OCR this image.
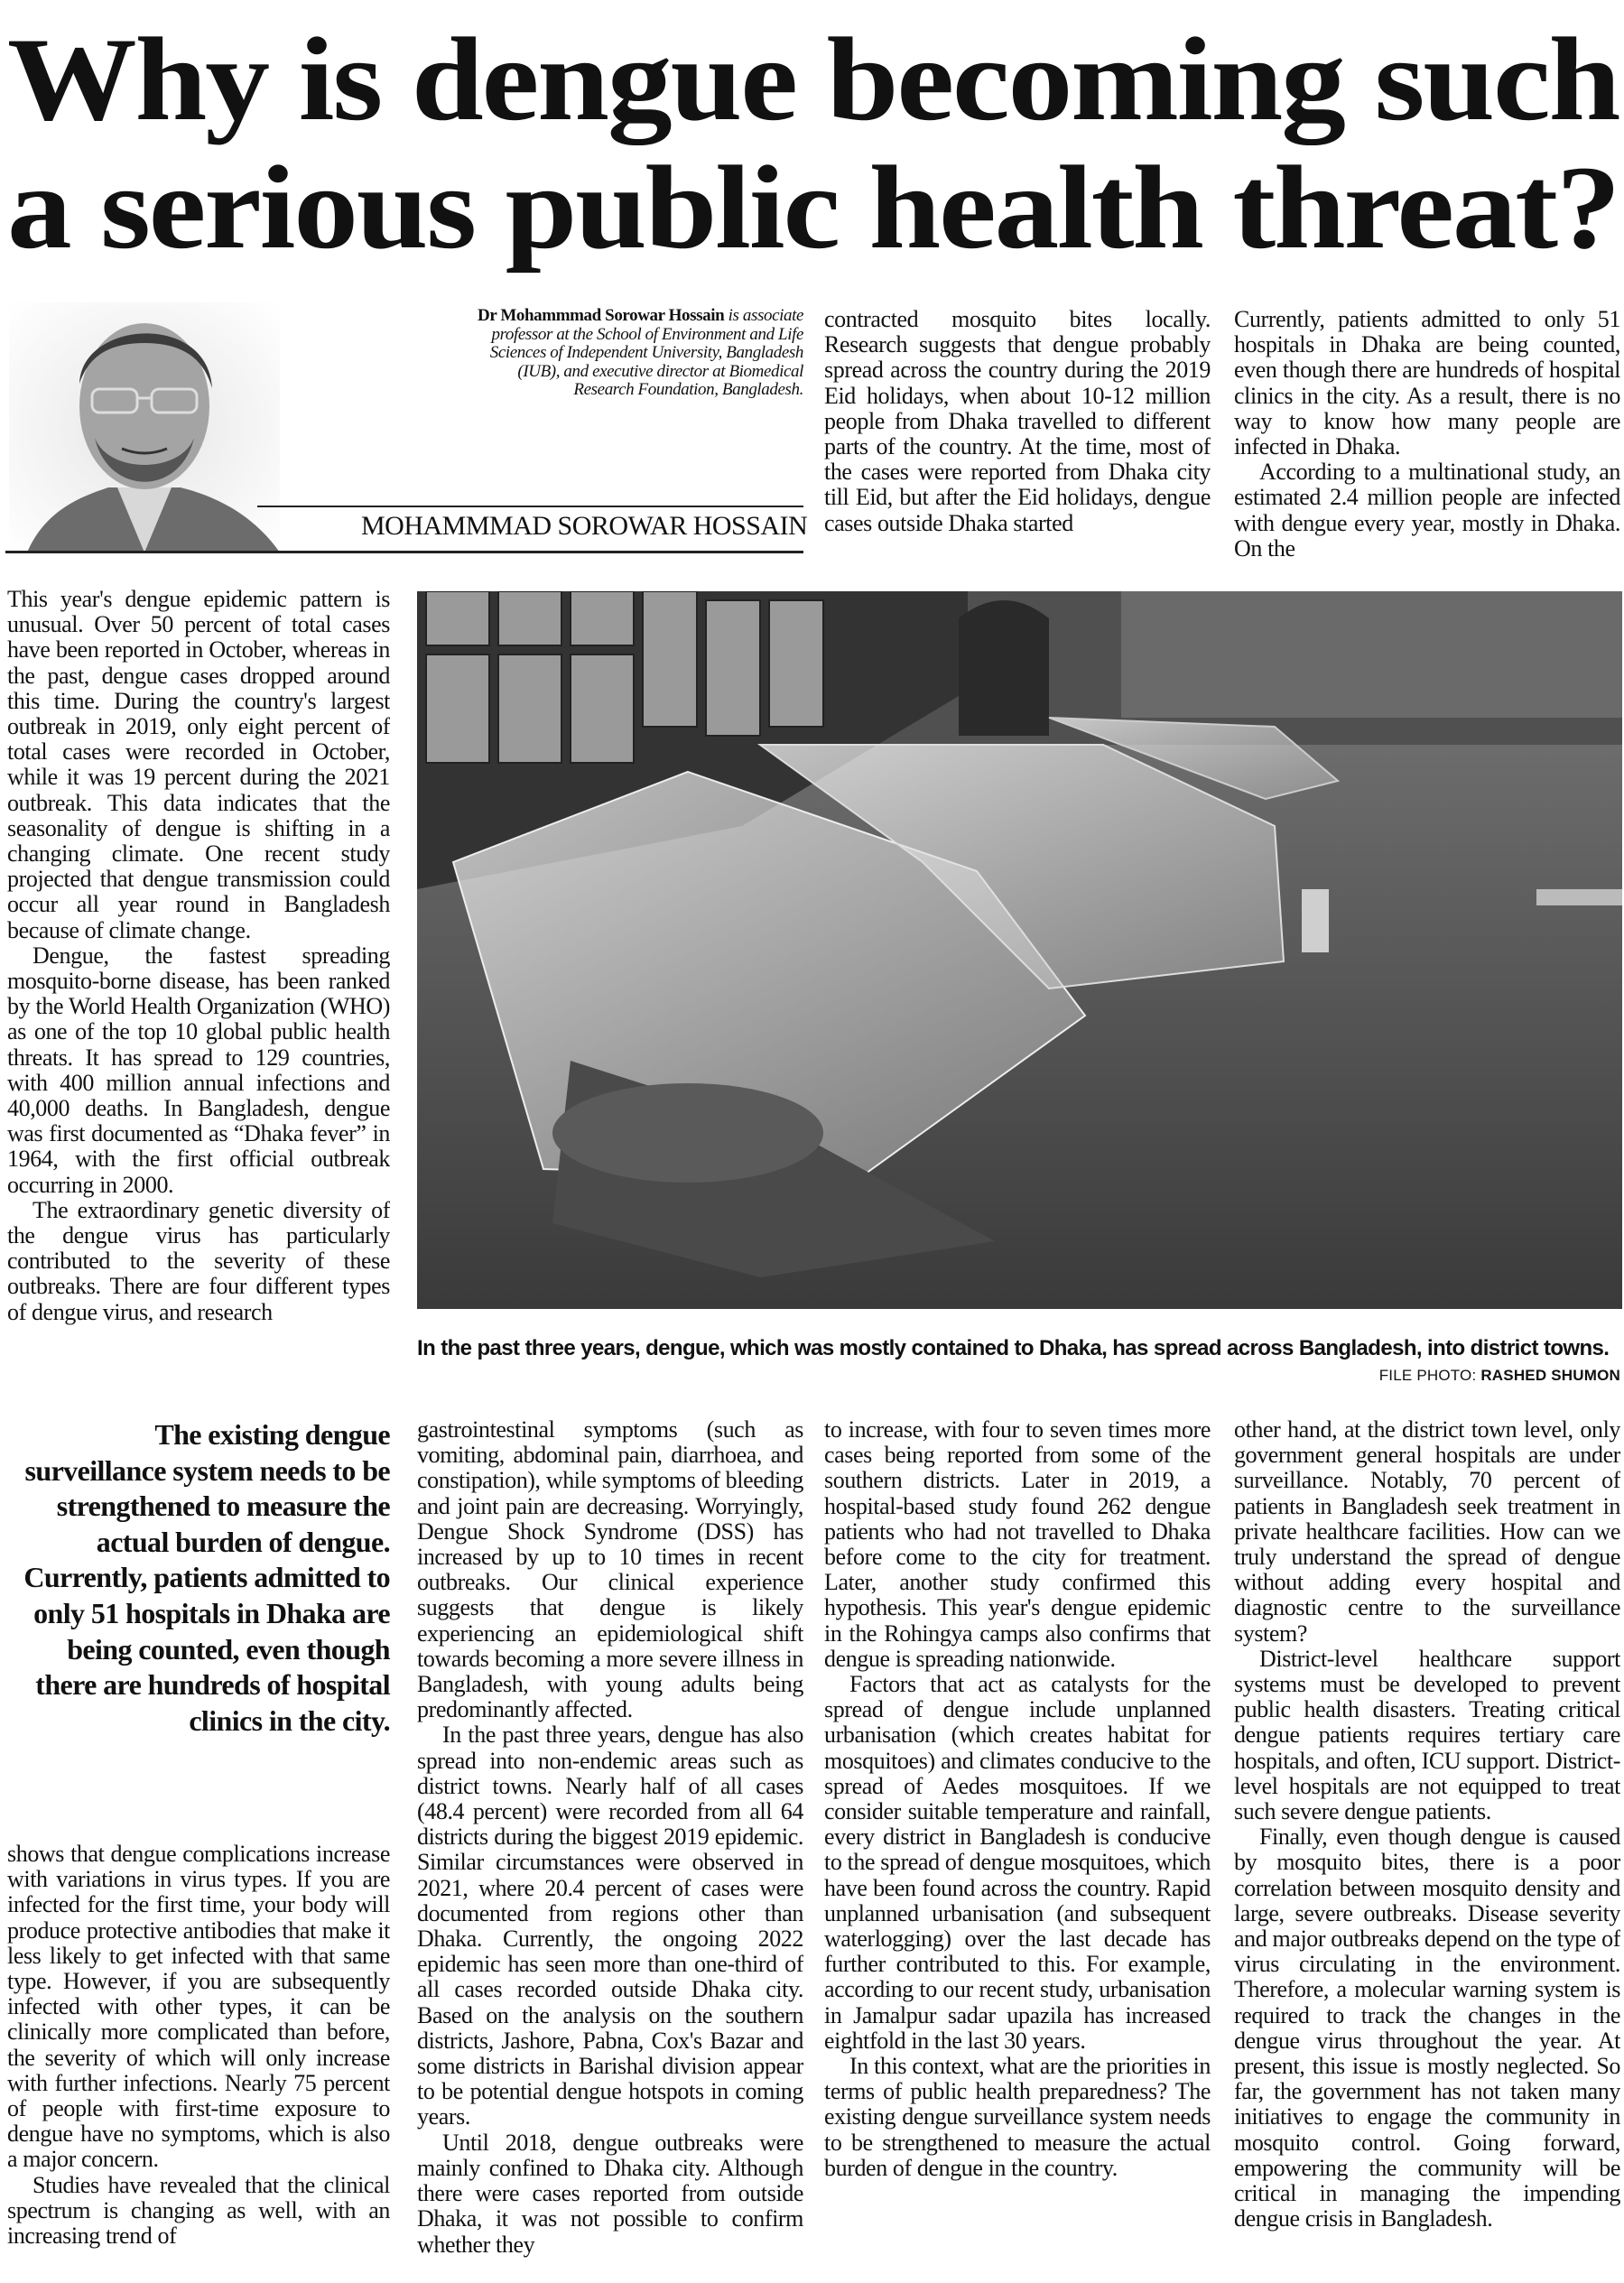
Why is dengue becoming such
a serious public health threat?
Dr Mohammmad Sorowar Hossain is associate professor at the School of Environment and Life Sciences of Independent University, Bangladesh (IUB), and executive director at Biomedical Research Foundation, Bangladesh.
MOHAMMMAD SOROWAR HOSSAIN

contracted mosquito bites locally. Research suggests that dengue probably spread across the country during the 2019 Eid holidays, when about 10-12 million people from Dhaka travelled to different parts of the country. At the time, most of the cases were reported from Dhaka city till Eid, but after the Eid holidays, dengue cases outside Dhaka started

Currently, patients admitted to only 51 hospitals in Dhaka are being counted, even though there are hundreds of hospital clinics in the city. As a result, there is no way to know how many people are infected in Dhaka.

According to a multinational study, an estimated 2.4 million people are infected with dengue every year, mostly in Dhaka. On the

This year's dengue epidemic pattern is unusual. Over 50 percent of total cases have been reported in October, whereas in the past, dengue cases dropped around this time. During the country's largest outbreak in 2019, only eight percent of total cases were recorded in October, while it was 19 percent during the 2021 outbreak. This data indicates that the seasonality of dengue is shifting in a changing climate. One recent study projected that dengue transmission could occur all year round in Bangladesh because of climate change.

Dengue, the fastest spreading mosquito-borne disease, has been ranked by the World Health Organization (WHO) as one of the top 10 global public health threats. It has spread to 129 countries, with 400 million annual infections and 40,000 deaths. In Bangladesh, dengue was first documented as “Dhaka fever” in 1964, with the first official outbreak occurring in 2000.

The extraordinary genetic diversity of the dengue virus has particularly contributed to the severity of these outbreaks. There are four different types of dengue virus, and research

In the past three years, dengue, which was mostly contained to Dhaka, has spread across Bangladesh, into district towns.
FILE PHOTO: RASHED SHUMON
The existing dengue surveillance system needs to be strengthened to measure the actual burden of dengue. Currently, patients admitted to only 51 hospitals in Dhaka are being counted, even though there are hundreds of hospital clinics in the city.

shows that dengue complications increase with variations in virus types. If you are infected for the first time, your body will produce protective antibodies that make it less likely to get infected with that same type. However, if you are subsequently infected with other types, it can be clinically more complicated than before, the severity of which will only increase with further infections. Nearly 75 percent of people with first-time exposure to dengue have no symptoms, which is also a major concern.

Studies have revealed that the clinical spectrum is changing as well, with an increasing trend of

gastrointestinal symptoms (such as vomiting, abdominal pain, diarrhoea, and constipation), while symptoms of bleeding and joint pain are decreasing. Worryingly, Dengue Shock Syndrome (DSS) has increased by up to 10 times in recent outbreaks. Our clinical experience suggests that dengue is likely experiencing an epidemiological shift towards becoming a more severe illness in Bangladesh, with young adults being predominantly affected.

In the past three years, dengue has also spread into non-endemic areas such as district towns. Nearly half of all cases (48.4 percent) were recorded from all 64 districts during the biggest 2019 epidemic. Similar circumstances were observed in 2021, where 20.4 percent of cases were documented from regions other than Dhaka. Currently, the ongoing 2022 epidemic has seen more than one-third of all cases recorded outside Dhaka city. Based on the analysis on the southern districts, Jashore, Pabna, Cox's Bazar and some districts in Barishal division appear to be potential dengue hotspots in coming years.

Until 2018, dengue outbreaks were mainly confined to Dhaka city. Although there were cases reported from outside Dhaka, it was not possible to confirm whether they

to increase, with four to seven times more cases being reported from some of the southern districts. Later in 2019, a hospital-based study found 262 dengue patients who had not travelled to Dhaka before come to the city for treatment. Later, another study confirmed this hypothesis. This year's dengue epidemic in the Rohingya camps also confirms that dengue is spreading nationwide.

Factors that act as catalysts for the spread of dengue include unplanned urbanisation (which creates habitat for mosquitoes) and climates conducive to the spread of Aedes mosquitoes. If we consider suitable temperature and rainfall, every district in Bangladesh is conducive to the spread of dengue mosquitoes, which have been found across the country. Rapid unplanned urbanisation (and subsequent waterlogging) over the last decade has further contributed to this. For example, according to our recent study, urbanisation in Jamalpur sadar upazila has increased eightfold in the last 30 years.

In this context, what are the priorities in terms of public health preparedness? The existing dengue surveillance system needs to be strengthened to measure the actual burden of dengue in the country.

other hand, at the district town level, only government general hospitals are under surveillance. Notably, 70 percent of patients in Bangladesh seek treatment in private healthcare facilities. How can we truly understand the spread of dengue without adding every hospital and diagnostic centre to the surveillance system?

District-level healthcare support systems must be developed to prevent public health disasters. Treating critical dengue patients requires tertiary care hospitals, and often, ICU support. District-level hospitals are not equipped to treat such severe dengue patients.

Finally, even though dengue is caused by mosquito bites, there is a poor correlation between mosquito density and large, severe outbreaks. Disease severity and major outbreaks depend on the type of virus circulating in the environment. Therefore, a molecular warning system is required to track the changes in the dengue virus throughout the year. At present, this issue is mostly neglected. So far, the government has not taken many initiatives to engage the community in mosquito control. Going forward, empowering the community will be critical in managing the impending dengue crisis in Bangladesh.
